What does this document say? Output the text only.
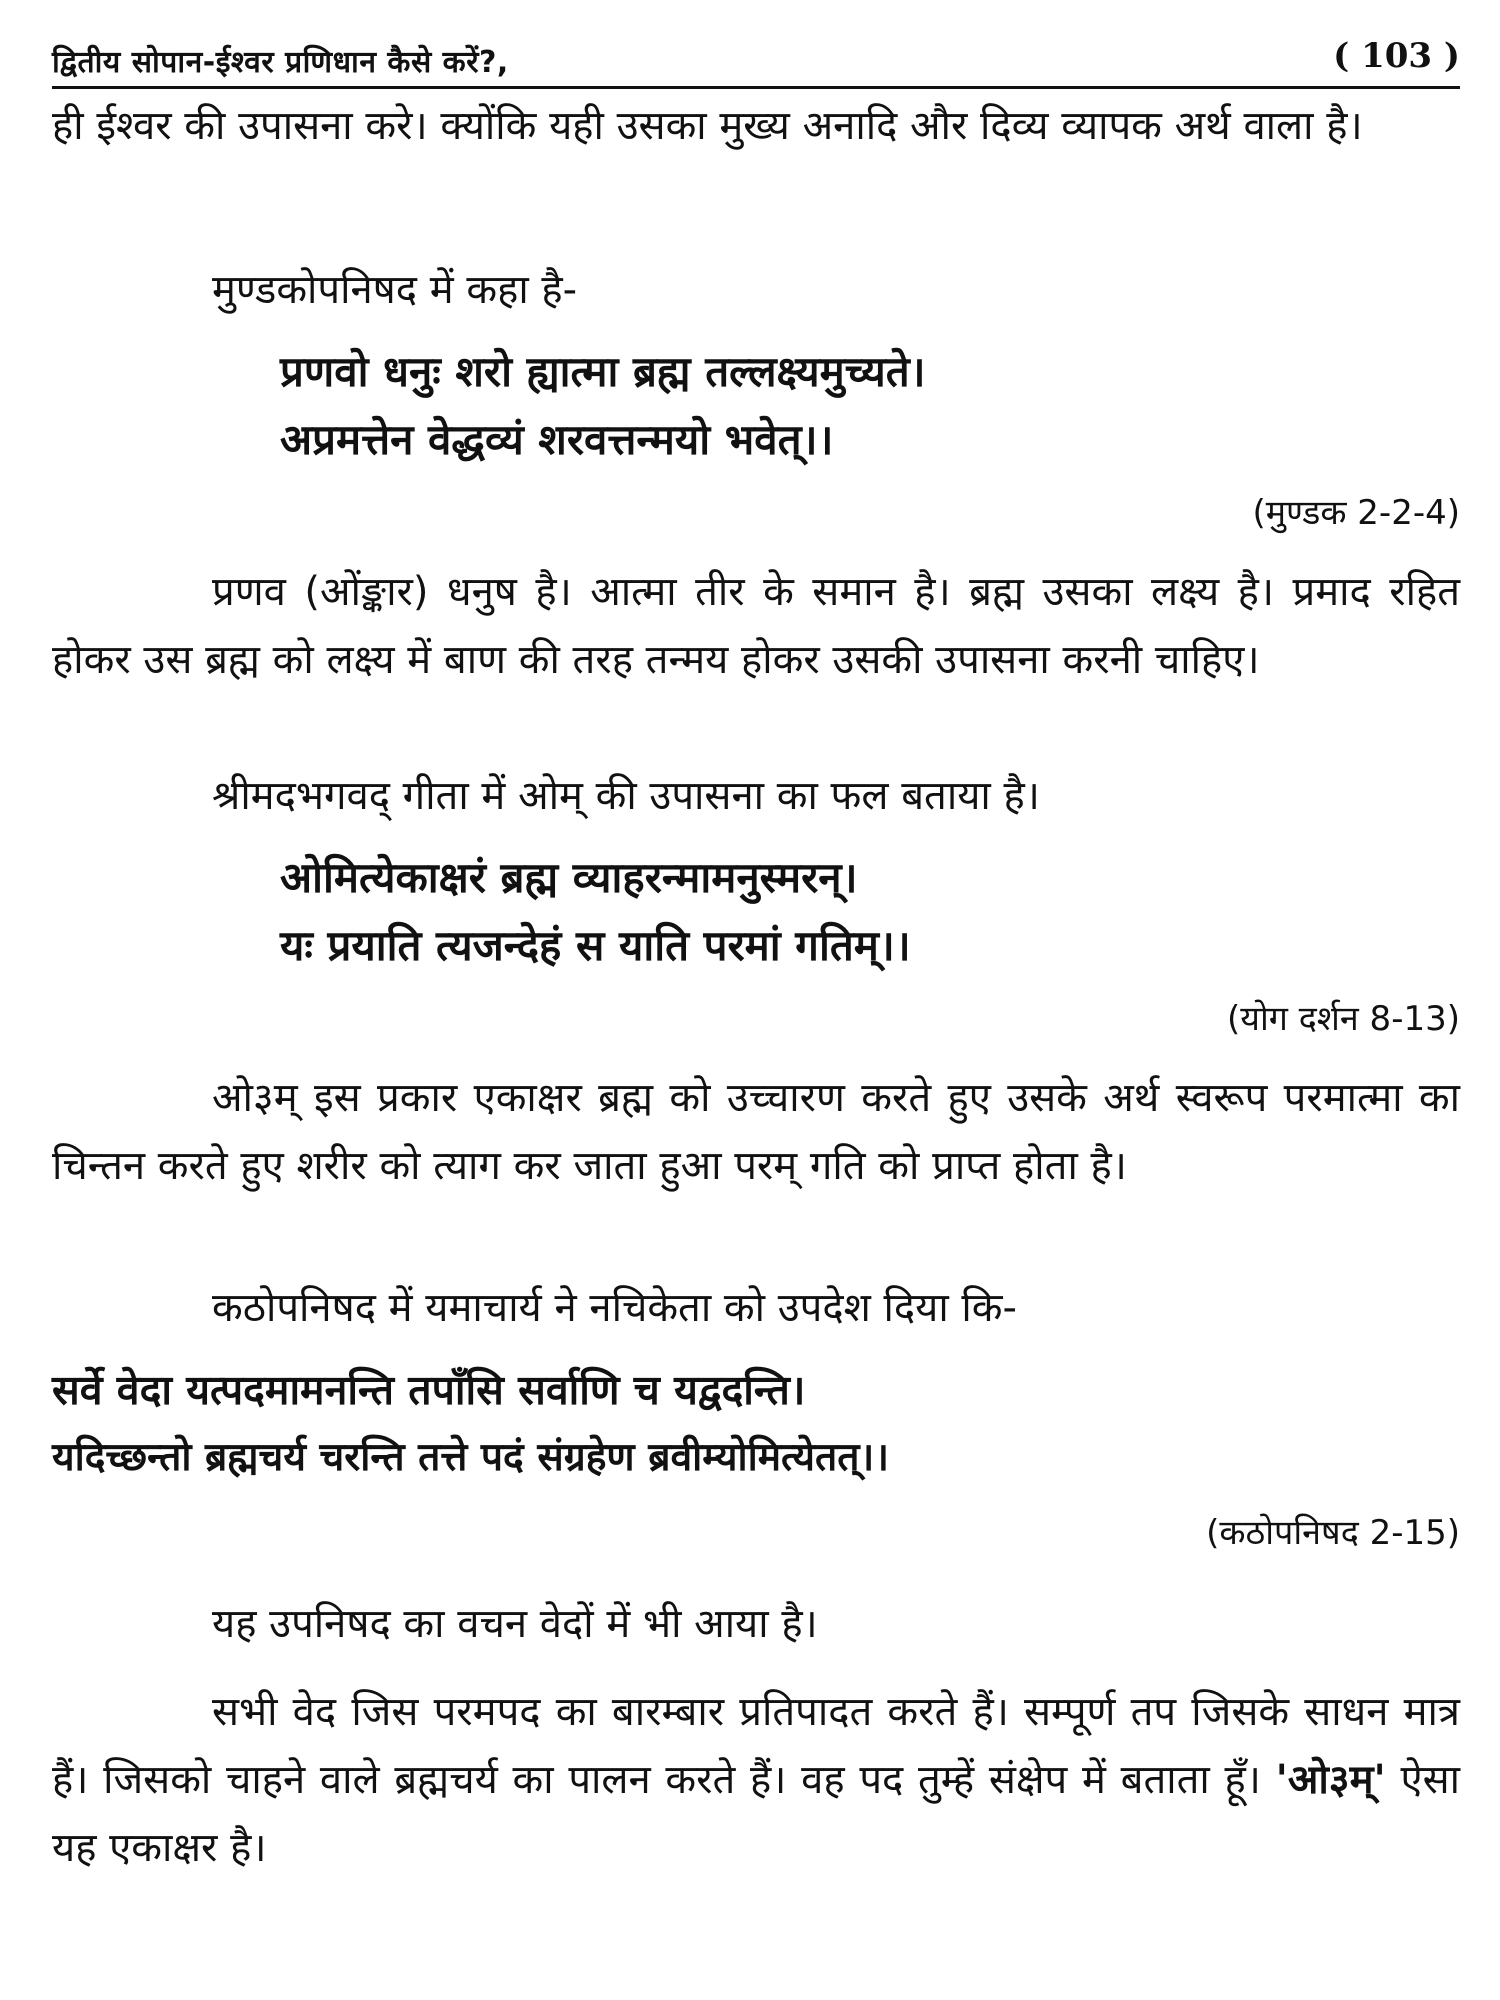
द्वितीय सोपान-ईश्वर प्रणिधान कैसे करें?,	( 103 )
ही ईश्वर की उपासना करे। क्योंकि यही उसका मुख्य अनादि और दिव्य व्यापक अर्थ वाला है।
मुण्डकोपनिषद में कहा है-
प्रणवो धनुः शरो ह्यात्मा ब्रह्म तल्लक्ष्यमुच्यते।
अप्रमत्तेन वेद्धव्यं शरवत्तन्मयो भवेत्।।
(मुण्डक 2-2-4)
प्रणव (ओंङ्कार) धनुष है। आत्मा तीर के समान है। ब्रह्म उसका लक्ष्य है। प्रमाद रहित होकर उस ब्रह्म को लक्ष्य में बाण की तरह तन्मय होकर उसकी उपासना करनी चाहिए।
श्रीमदभगवद् गीता में ओम् की उपासना का फल बताया है।
ओमित्येकाक्षरं ब्रह्म व्याहरन्मामनुस्मरन्।
यः प्रयाति त्यजन्देहं स याति परमां गतिम्।।
(योग दर्शन 8-13)
ओ३म् इस प्रकार एकाक्षर ब्रह्म को उच्चारण करते हुए उसके अर्थ स्वरूप परमात्मा का चिन्तन करते हुए शरीर को त्याग कर जाता हुआ परम् गति को प्राप्त होता है।
कठोपनिषद में यमाचार्य ने नचिकेता को उपदेश दिया कि-
सर्वे वेदा यत्पदमामनन्ति तपाँसि सर्वाणि च यद्वदन्ति।
यदिच्छन्तो ब्रह्मचर्य चरन्ति तत्ते पदं संग्रहेण ब्रवीम्योमित्येतत्।।
(कठोपनिषद 2-15)
यह उपनिषद का वचन वेदों में भी आया है।
सभी वेद जिस परमपद का बारम्बार प्रतिपादत करते हैं। सम्पूर्ण तप जिसके साधन मात्र हैं। जिसको चाहने वाले ब्रह्मचर्य का पालन करते हैं। वह पद तुम्हें संक्षेप में बताता हूँ। 'ओ३म्' ऐसा यह एकाक्षर है।
